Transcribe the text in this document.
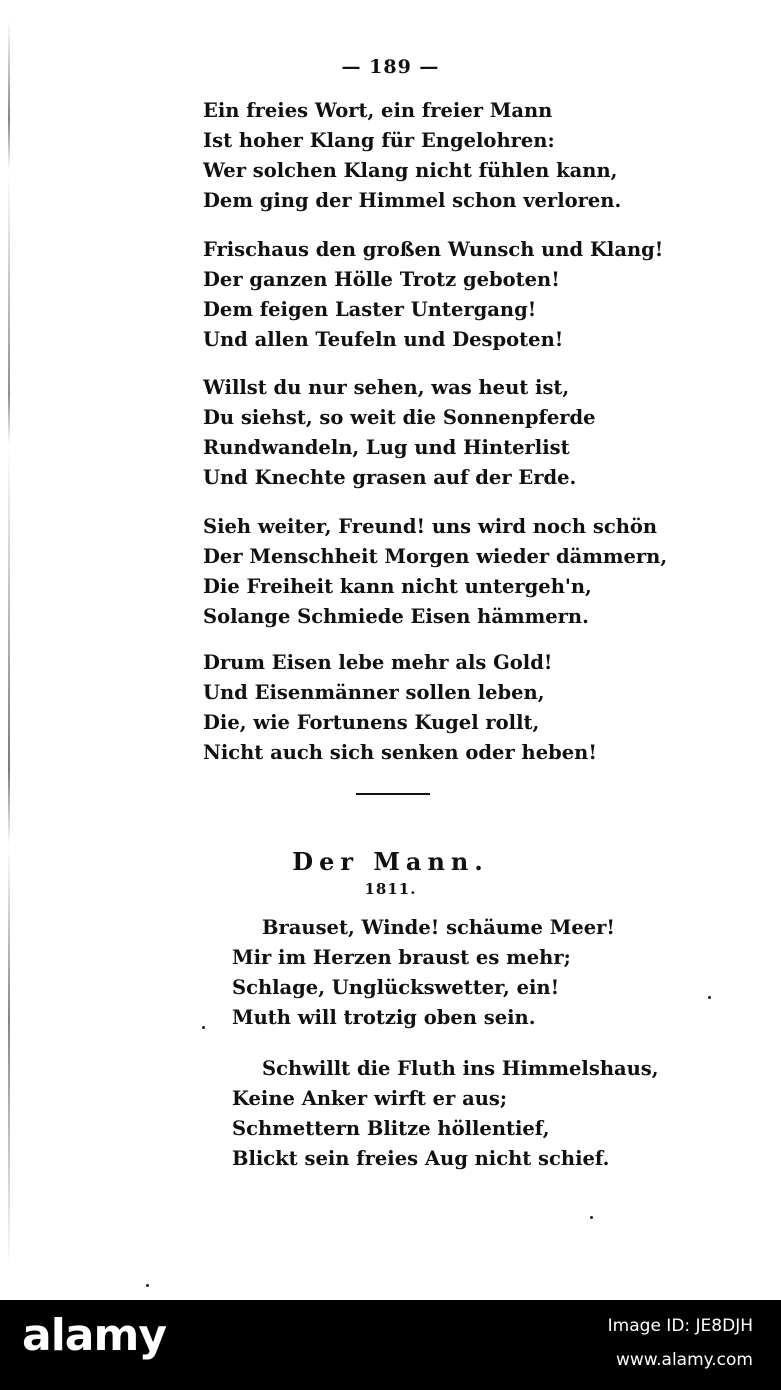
— 189 —
Ein freies Wort, ein freier Mann
Ist hoher Klang für Engelohren:
Wer solchen Klang nicht fühlen kann,
Dem ging der Himmel schon verloren.
Frischaus den großen Wunsch und Klang!
Der ganzen Hölle Trotz geboten!
Dem feigen Laster Untergang!
Und allen Teufeln und Despoten!
Willst du nur sehen, was heut ist,
Du siehst, so weit die Sonnenpferde
Rundwandeln, Lug und Hinterlist
Und Knechte grasen auf der Erde.
Sieh weiter, Freund! uns wird noch schön
Der Menschheit Morgen wieder dämmern,
Die Freiheit kann nicht untergeh'n,
Solange Schmiede Eisen hämmern.
Drum Eisen lebe mehr als Gold!
Und Eisenmänner sollen leben,
Die, wie Fortunens Kugel rollt,
Nicht auch sich senken oder heben!
Der Mann.
1811.
Brauset, Winde! schäume Meer!
Mir im Herzen braust es mehr;
Schlage, Unglückswetter, ein!
Muth will trotzig oben sein.
Schwillt die Fluth ins Himmelshaus,
Keine Anker wirft er aus;
Schmettern Blitze höllentief,
Blickt sein freies Aug nicht schief.
alamy	Image ID: JE8DJH
www.alamy.com
